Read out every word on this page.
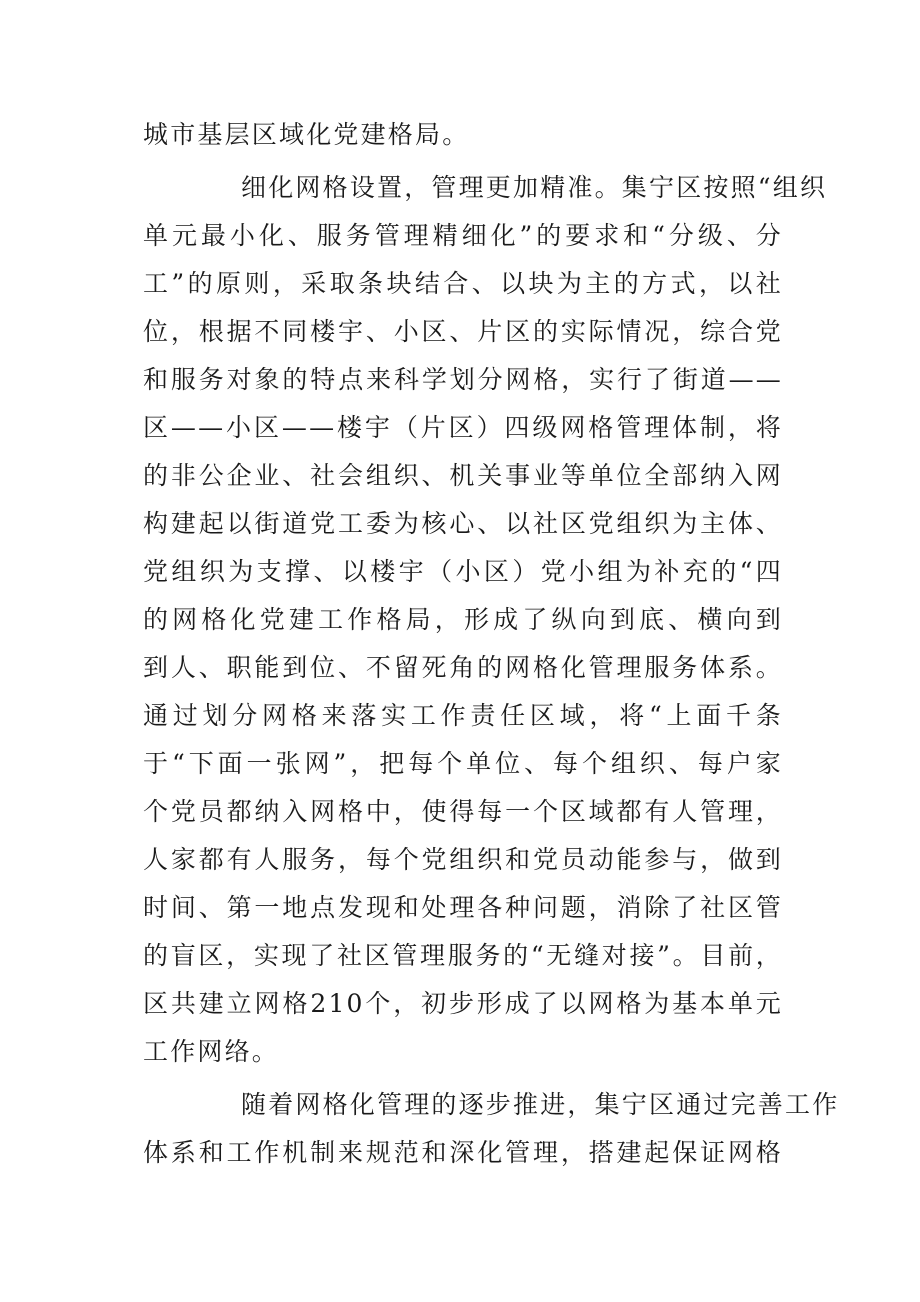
城市基层区域化党建格局。
细化网格设置，管理更加精准。集宁区按照“组织
单元最小化、服务管理精细化”的要求和“分级、分
工”的原则，采取条块结合、以块为主的方式，以社
位，根据不同楼宇、小区、片区的实际情况，综合党
和服务对象的特点来科学划分网格，实行了街道——
区——小区——楼宇（片区）四级网格管理体制，将
的非公企业、社会组织、机关事业等单位全部纳入网
构建起以街道党工委为核心、以社区党组织为主体、
党组织为支撑、以楼宇（小区）党小组为补充的“四
的网格化党建工作格局，形成了纵向到底、横向到
到人、职能到位、不留死角的网格化管理服务体系。
通过划分网格来落实工作责任区域，将“上面千条
于“下面一张网”，把每个单位、每个组织、每户家
个党员都纳入网格中，使得每一个区域都有人管理，
人家都有人服务，每个党组织和党员动能参与，做到
时间、第一地点发现和处理各种问题，消除了社区管
的盲区，实现了社区管理服务的“无缝对接”。目前，
区共建立网格210个，初步形成了以网格为基本单元
工作网络。
随着网格化管理的逐步推进，集宁区通过完善工作
体系和工作机制来规范和深化管理，搭建起保证网格
